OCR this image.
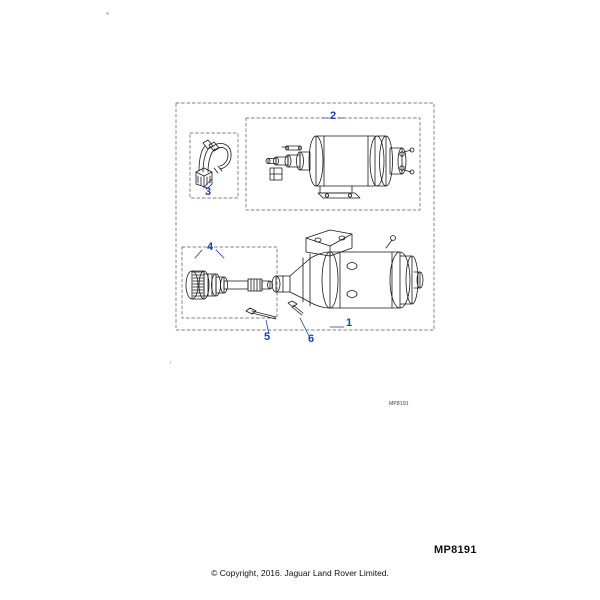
1
2
3
4
5	6
MP8191
MP8191
© Copyright, 2016. Jaguar Land Rover Limited.
r
